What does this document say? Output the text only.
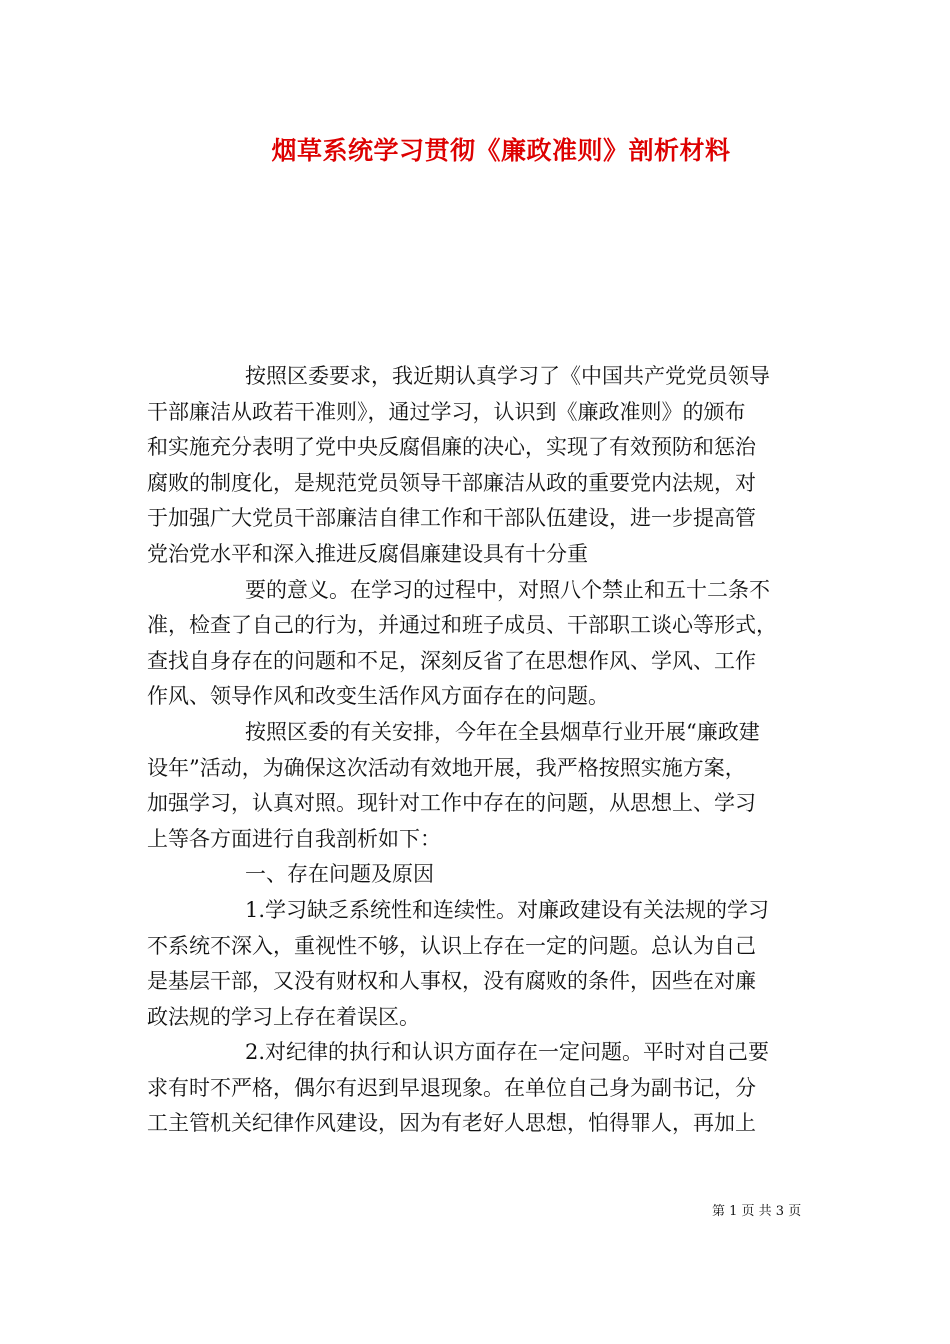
烟草系统学习贯彻《廉政准则》剖析材料
按照区委要求，我近期认真学习了《中国共产党党员领导
干部廉洁从政若干准则》，通过学习，认识到《廉政准则》的颁布
和实施充分表明了党中央反腐倡廉的决心，实现了有效预防和惩治
腐败的制度化，是规范党员领导干部廉洁从政的重要党内法规，对
于加强广大党员干部廉洁自律工作和干部队伍建设，进一步提高管
党治党水平和深入推进反腐倡廉建设具有十分重
要的意义。在学习的过程中，对照八个禁止和五十二条不
准，检查了自己的行为，并通过和班子成员、干部职工谈心等形式，
查找自身存在的问题和不足，深刻反省了在思想作风、学风、工作
作风、领导作风和改变生活作风方面存在的问题。
按照区委的有关安排，今年在全县烟草行业开展“廉政建
设年”活动，为确保这次活动有效地开展，我严格按照实施方案，
加强学习，认真对照。现针对工作中存在的问题，从思想上、学习
上等各方面进行自我剖析如下：
一、存在问题及原因
1.学习缺乏系统性和连续性。对廉政建设有关法规的学习
不系统不深入，重视性不够，认识上存在一定的问题。总认为自己
是基层干部，又没有财权和人事权，没有腐败的条件，因些在对廉
政法规的学习上存在着误区。
2.对纪律的执行和认识方面存在一定问题。平时对自己要
求有时不严格，偶尔有迟到早退现象。在单位自己身为副书记，分
工主管机关纪律作风建设，因为有老好人思想，怕得罪人，再加上
第 1 页 共 3 页
